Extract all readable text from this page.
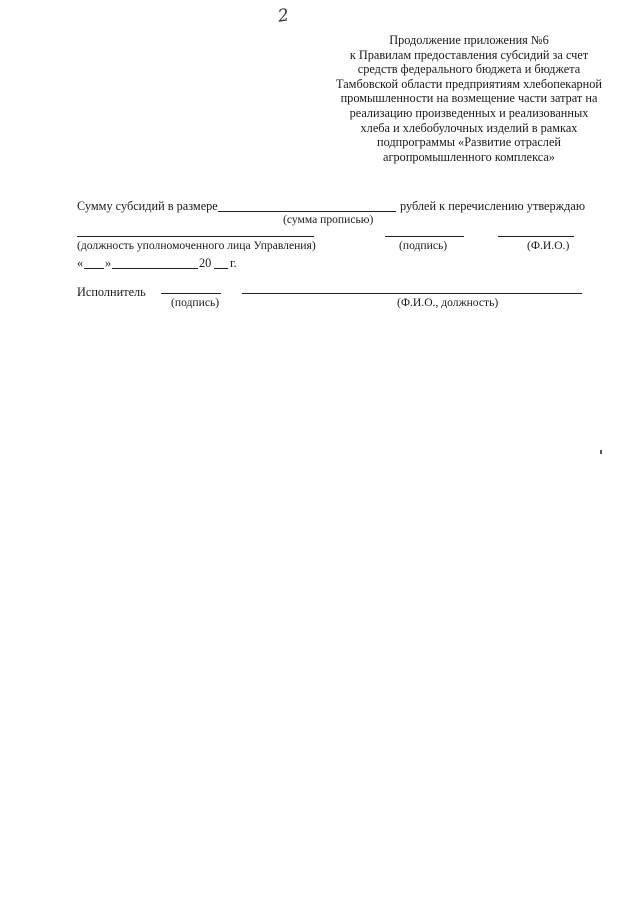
2
Продолжение приложения №6
к Правилам предоставления субсидий за счет
средств федерального бюджета и бюджета
Тамбовской области предприятиям хлебопекарной
промышленности на возмещение части затрат на
реализацию произведенных и реализованных
хлеба и хлебобулочных изделий в рамках
подпрограммы «Развитие отраслей
агропромышленного комплекса»
Сумму субсидий в размере	рублей к перечислению утверждаю
(сумма прописью)
(должность уполномоченного лица Управления)	(подпись)	(Ф.И.О.)
« »	20 г.
Исполнитель
(подпись)	(Ф.И.О., должность)
